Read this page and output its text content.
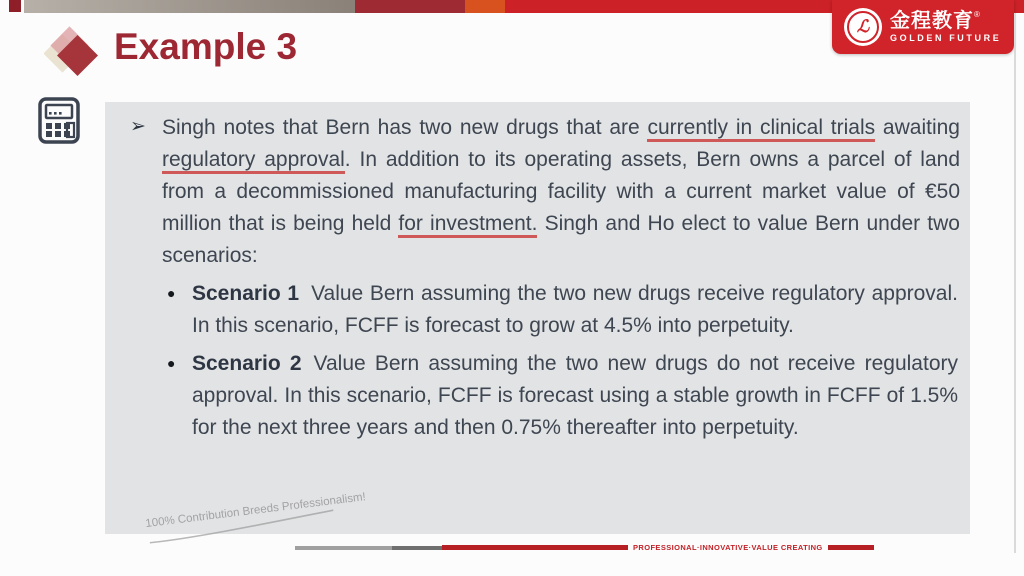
ℒ	金程教育®
GOLDEN FUTURE
Example 3
➢ Singh notes that Bern has two new drugs that are currently in clinical trials awaiting regulatory approval. In addition to its operating assets, Bern owns a parcel of land from a decommissioned manufacturing facility with a current market value of €50 million that is being held for investment. Singh and Ho elect to value Bern under two scenarios:
● Scenario 1 Value Bern assuming the two new drugs receive regulatory approval. In this scenario, FCFF is forecast to grow at 4.5% into perpetuity.
● Scenario 2 Value Bern assuming the two new drugs do not receive regulatory approval. In this scenario, FCFF is forecast using a stable growth in FCFF of 1.5% for the next three years and then 0.75% thereafter into perpetuity.
100% Contribution Breeds Professionalism!
PROFESSIONAL·INNOVATIVE·VALUE CREATING
